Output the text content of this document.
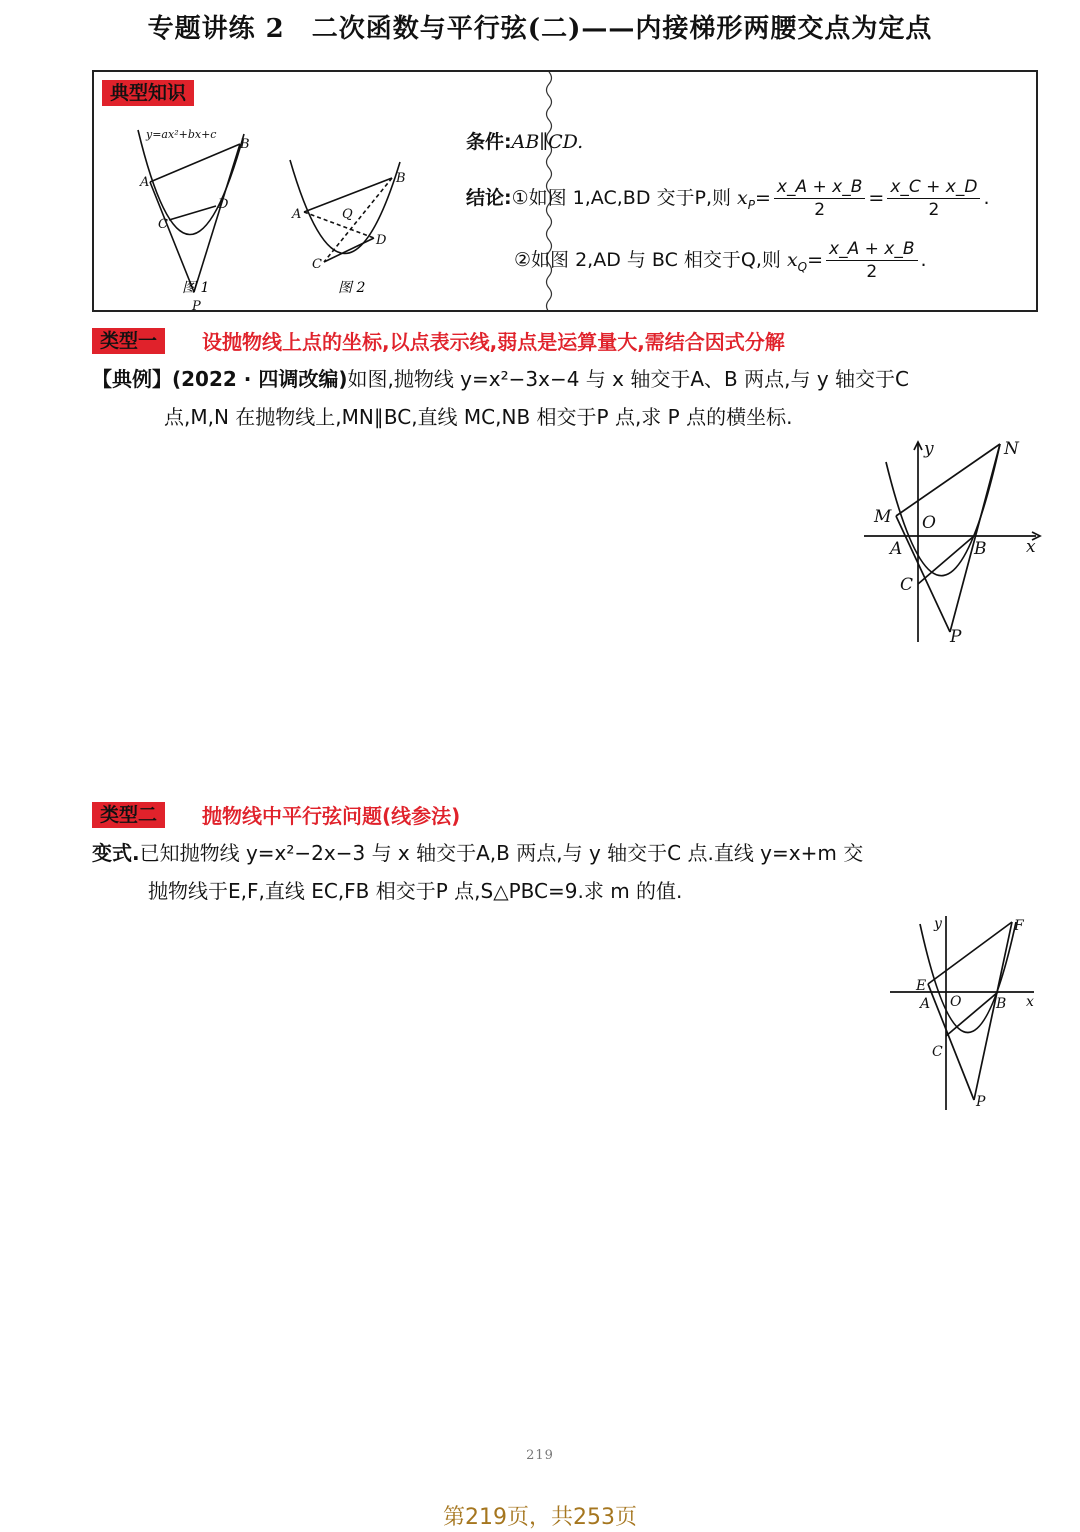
专题讲练 2　二次函数与平行弦(二)——内接梯形两腰交点为定点
典型知识
y=ax²+bx+c
A
B
C
D
P
A
B
C
D
Q
图 1	图 2
条件:AB∥CD.
结论:①如图 1,AC,BD 交于P,则 $x_P= \frac{x\_A + x\_B}{2} = \frac{x\_C + x\_D}{2}$ .
②如图 2,AD 与 BC 相交于Q,则 $x_Q= \frac{x\_A + x\_B}{2}$ .
类型一	设抛物线上点的坐标,以点表示线,弱点是运算量大,需结合因式分解
【典例】(2022 · 四调改编)如图,抛物线 y=x²−3x−4 与 x 轴交于A、B 两点,与 y 轴交于C
点,M,N 在抛物线上,MN∥BC,直线 MC,NB 相交于P 点,求 P 点的横坐标.
y
x
N
M O
A	B
C
P
类型二	抛物线中平行弦问题(线参法)
变式.已知抛物线 y=x²−2x−3 与 x 轴交于A,B 两点,与 y 轴交于C 点.直线 y=x+m 交
抛物线于E,F,直线 EC,FB 相交于P 点,S△PBC=9.求 m 的值.
y
x
F
E
A O B
C
P
219
第219页，共253页
